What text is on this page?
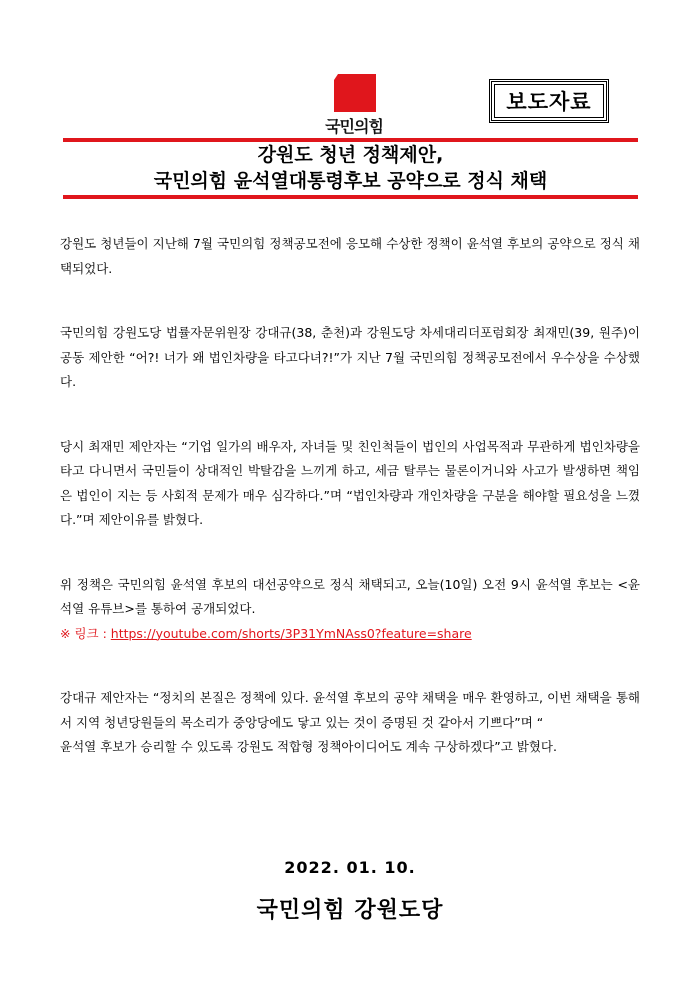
국민의힘
보도자료
강원도 청년 정책제안,
국민의힘 윤석열대통령후보 공약으로 정식 채택

강원도 청년들이 지난해 7월 국민의힘 정책공모전에 응모해 수상한 정책이 윤석열 후보의 공약으로 정식 채택되었다.

국민의힘 강원도당 법률자문위원장 강대규(38, 춘천)과 강원도당 차세대리더포럼회장 최재민(39, 원주)이 공동 제안한 “어?! 너가 왜 법인차량을 타고다녀?!”가 지난 7월 국민의힘 정책공모전에서 우수상을 수상했다.

당시 최재민 제안자는 “기업 일가의 배우자, 자녀들 및 친인척들이 법인의 사업목적과 무관하게 법인차량을 타고 다니면서 국민들이 상대적인 박탈감을 느끼게 하고, 세금 탈루는 물론이거니와 사고가 발생하면 책임은 법인이 지는 등 사회적 문제가 매우 심각하다.”며 “법인차량과 개인차량을 구분을 해야할 필요성을 느꼈다.”며 제안이유를 밝혔다.

위 정책은 국민의힘 윤석열 후보의 대선공약으로 정식 채택되고, 오늘(10일) 오전 9시 윤석열 후보는 <윤석열 유튜브>를 통하여 공개되었다.

※ 링크 : https://youtube.com/shorts/3P31YmNAss0?feature=share

강대규 제안자는 “정치의 본질은 정책에 있다. 윤석열 후보의 공약 채택을 매우 환영하고, 이번 채택을 통해서 지역 청년당원들의 목소리가 중앙당에도 닿고 있는 것이 증명된 것 같아서 기쁘다”며 “
윤석열 후보가 승리할 수 있도록 강원도 적합형 정책아이디어도 계속 구상하겠다”고 밝혔다.

2022. 01. 10.
국민의힘 강원도당
